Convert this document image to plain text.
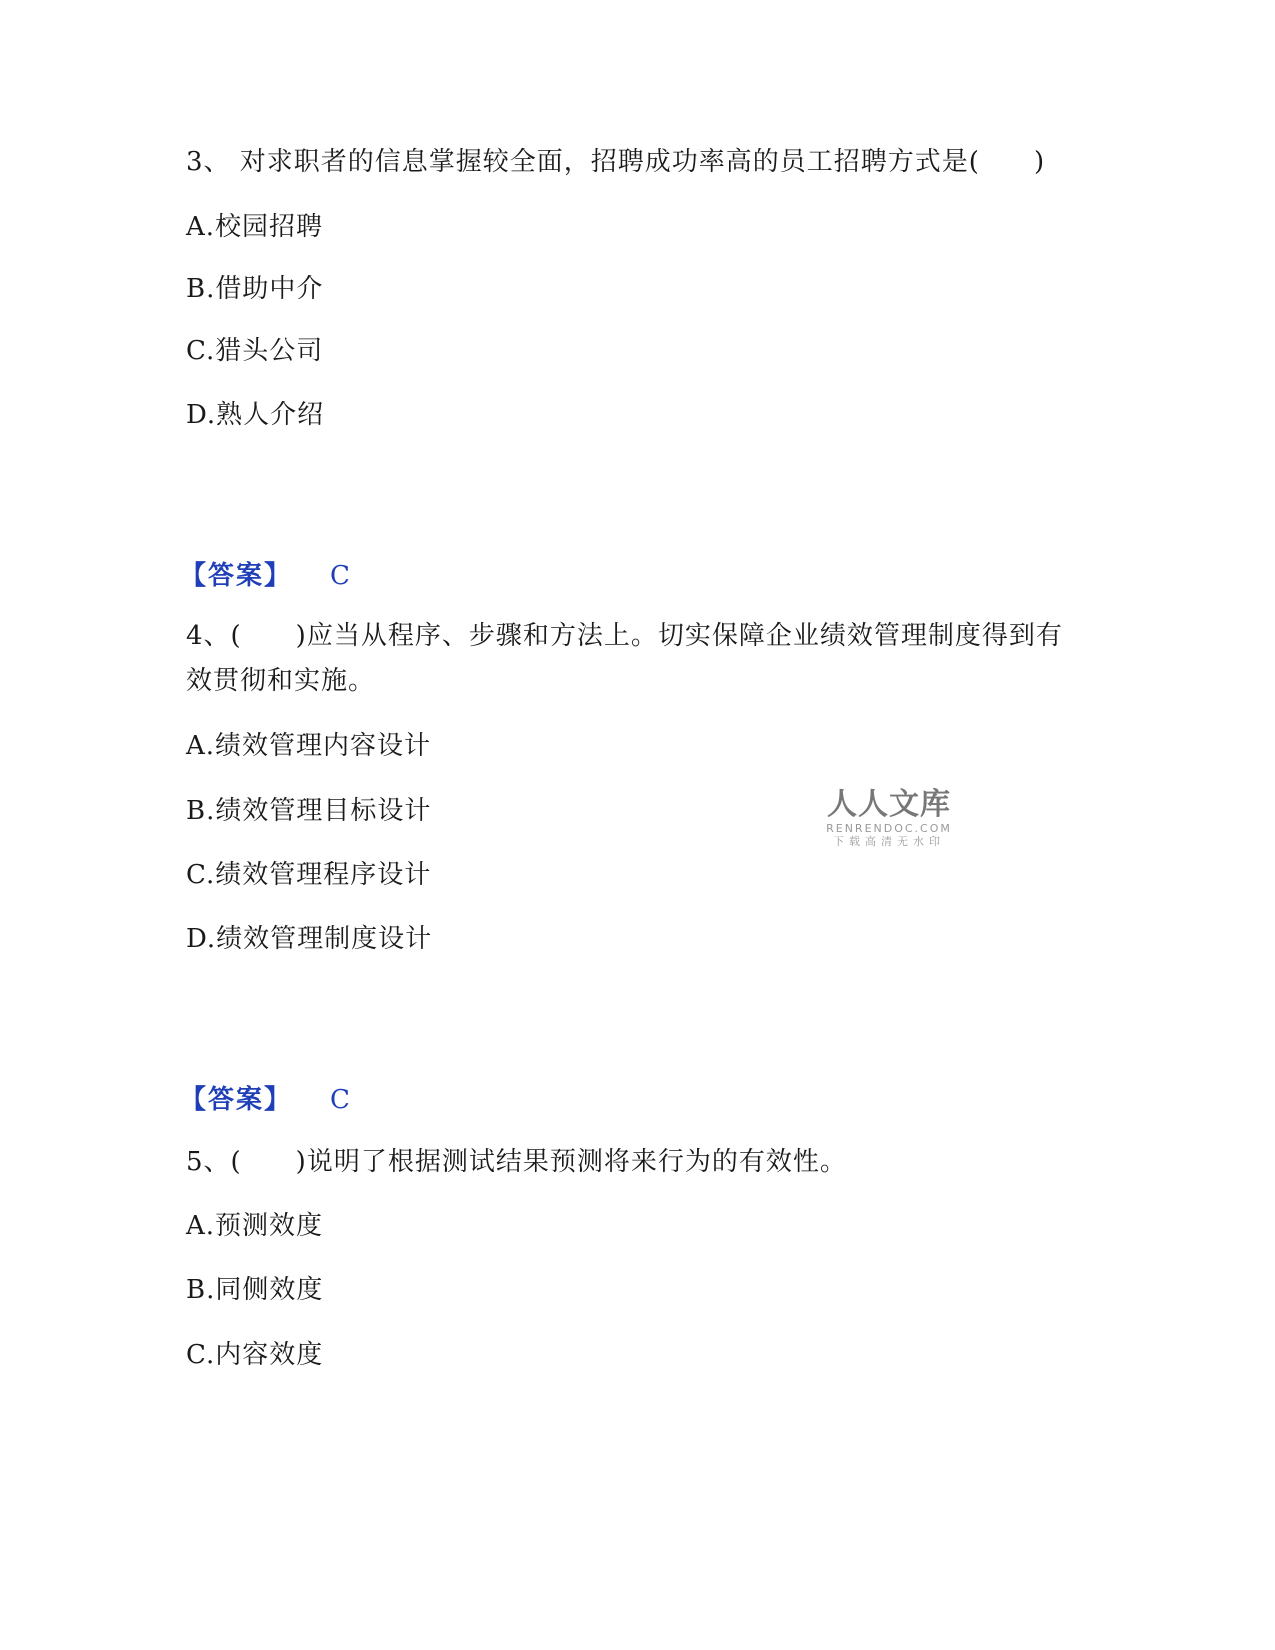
3、 对求职者的信息掌握较全面，招聘成功率高的员工招聘方式是(　　)
A.校园招聘
B.借助中介
C.猎头公司
D.熟人介绍
【答案】 C
4、(　　)应当从程序、步骤和方法上。切实保障企业绩效管理制度得到有
效贯彻和实施。
A.绩效管理内容设计
B.绩效管理目标设计
C.绩效管理程序设计
D.绩效管理制度设计
【答案】 C
5、(　　)说明了根据测试结果预测将来行为的有效性。
A.预测效度
B.同侧效度
C.内容效度
人人文库
RENRENDOC.COM
下载高清无水印
